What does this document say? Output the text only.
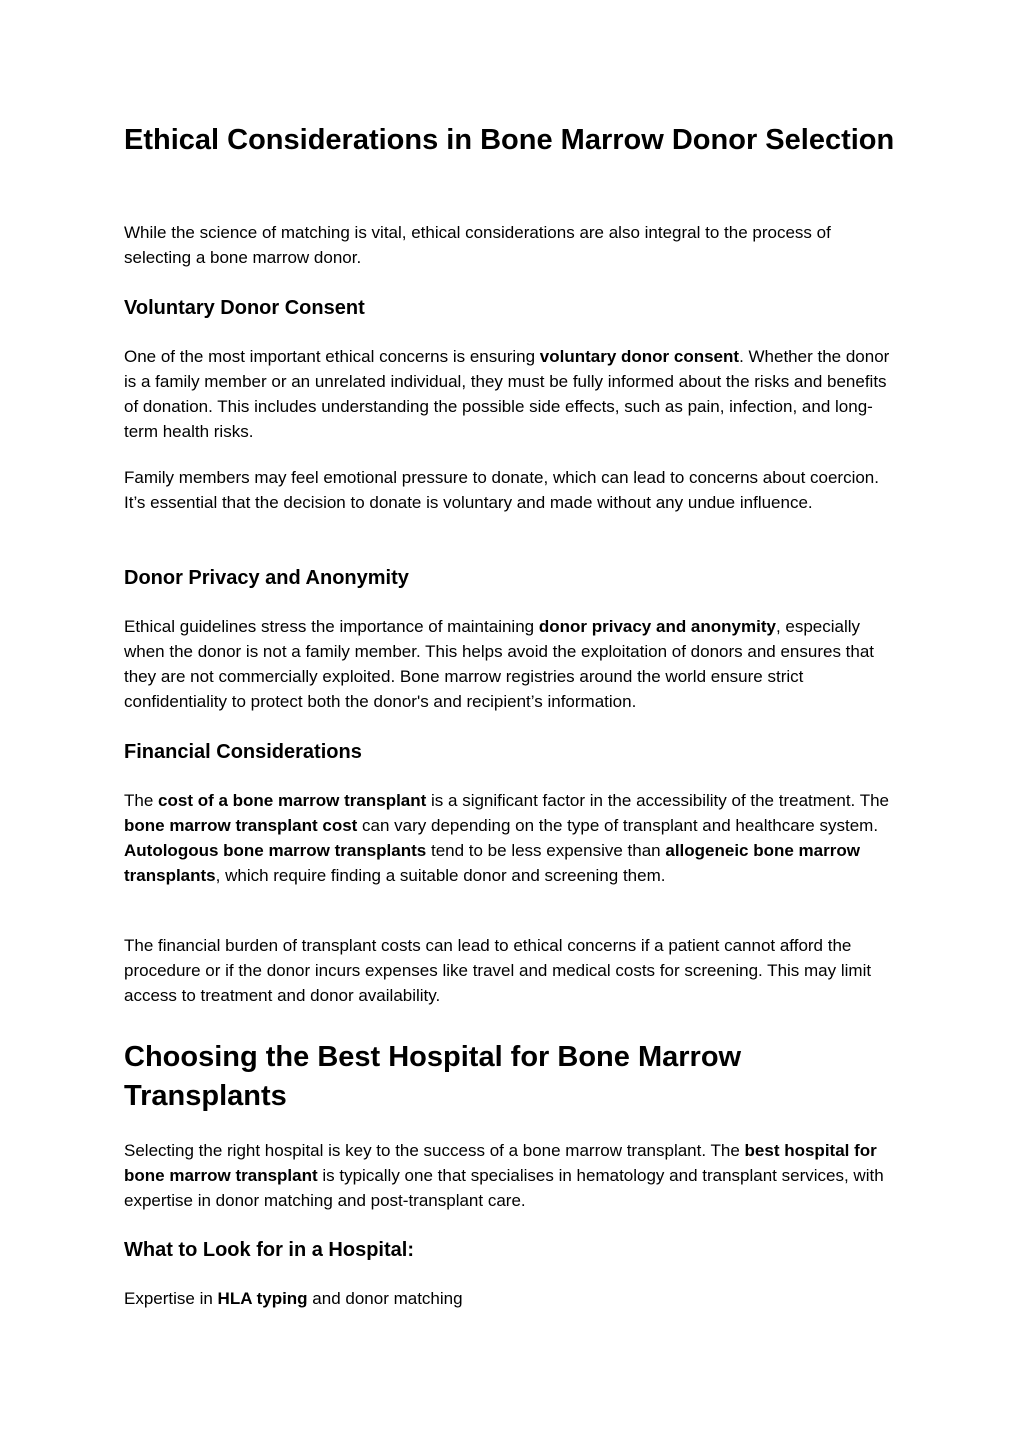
Ethical Considerations in Bone Marrow Donor Selection

While the science of matching is vital, ethical considerations are also integral to the process of selecting a bone marrow donor.

Voluntary Donor Consent

One of the most important ethical concerns is ensuring voluntary donor consent. Whether the donor is a family member or an unrelated individual, they must be fully informed about the risks and benefits of donation. This includes understanding the possible side effects, such as pain, infection, and long-term health risks.

Family members may feel emotional pressure to donate, which can lead to concerns about coercion. It’s essential that the decision to donate is voluntary and made without any undue influence.

Donor Privacy and Anonymity

Ethical guidelines stress the importance of maintaining donor privacy and anonymity, especially when the donor is not a family member. This helps avoid the exploitation of donors and ensures that they are not commercially exploited. Bone marrow registries around the world ensure strict confidentiality to protect both the donor's and recipient’s information.

Financial Considerations

The cost of a bone marrow transplant is a significant factor in the accessibility of the treatment. The bone marrow transplant cost can vary depending on the type of transplant and healthcare system. Autologous bone marrow transplants tend to be less expensive than allogeneic bone marrow transplants, which require finding a suitable donor and screening them.

The financial burden of transplant costs can lead to ethical concerns if a patient cannot afford the procedure or if the donor incurs expenses like travel and medical costs for screening. This may limit access to treatment and donor availability.

Choosing the Best Hospital for Bone Marrow Transplants

Selecting the right hospital is key to the success of a bone marrow transplant. The best hospital for bone marrow transplant is typically one that specialises in hematology and transplant services, with expertise in donor matching and post-transplant care.

What to Look for in a Hospital:

Expertise in HLA typing and donor matching
